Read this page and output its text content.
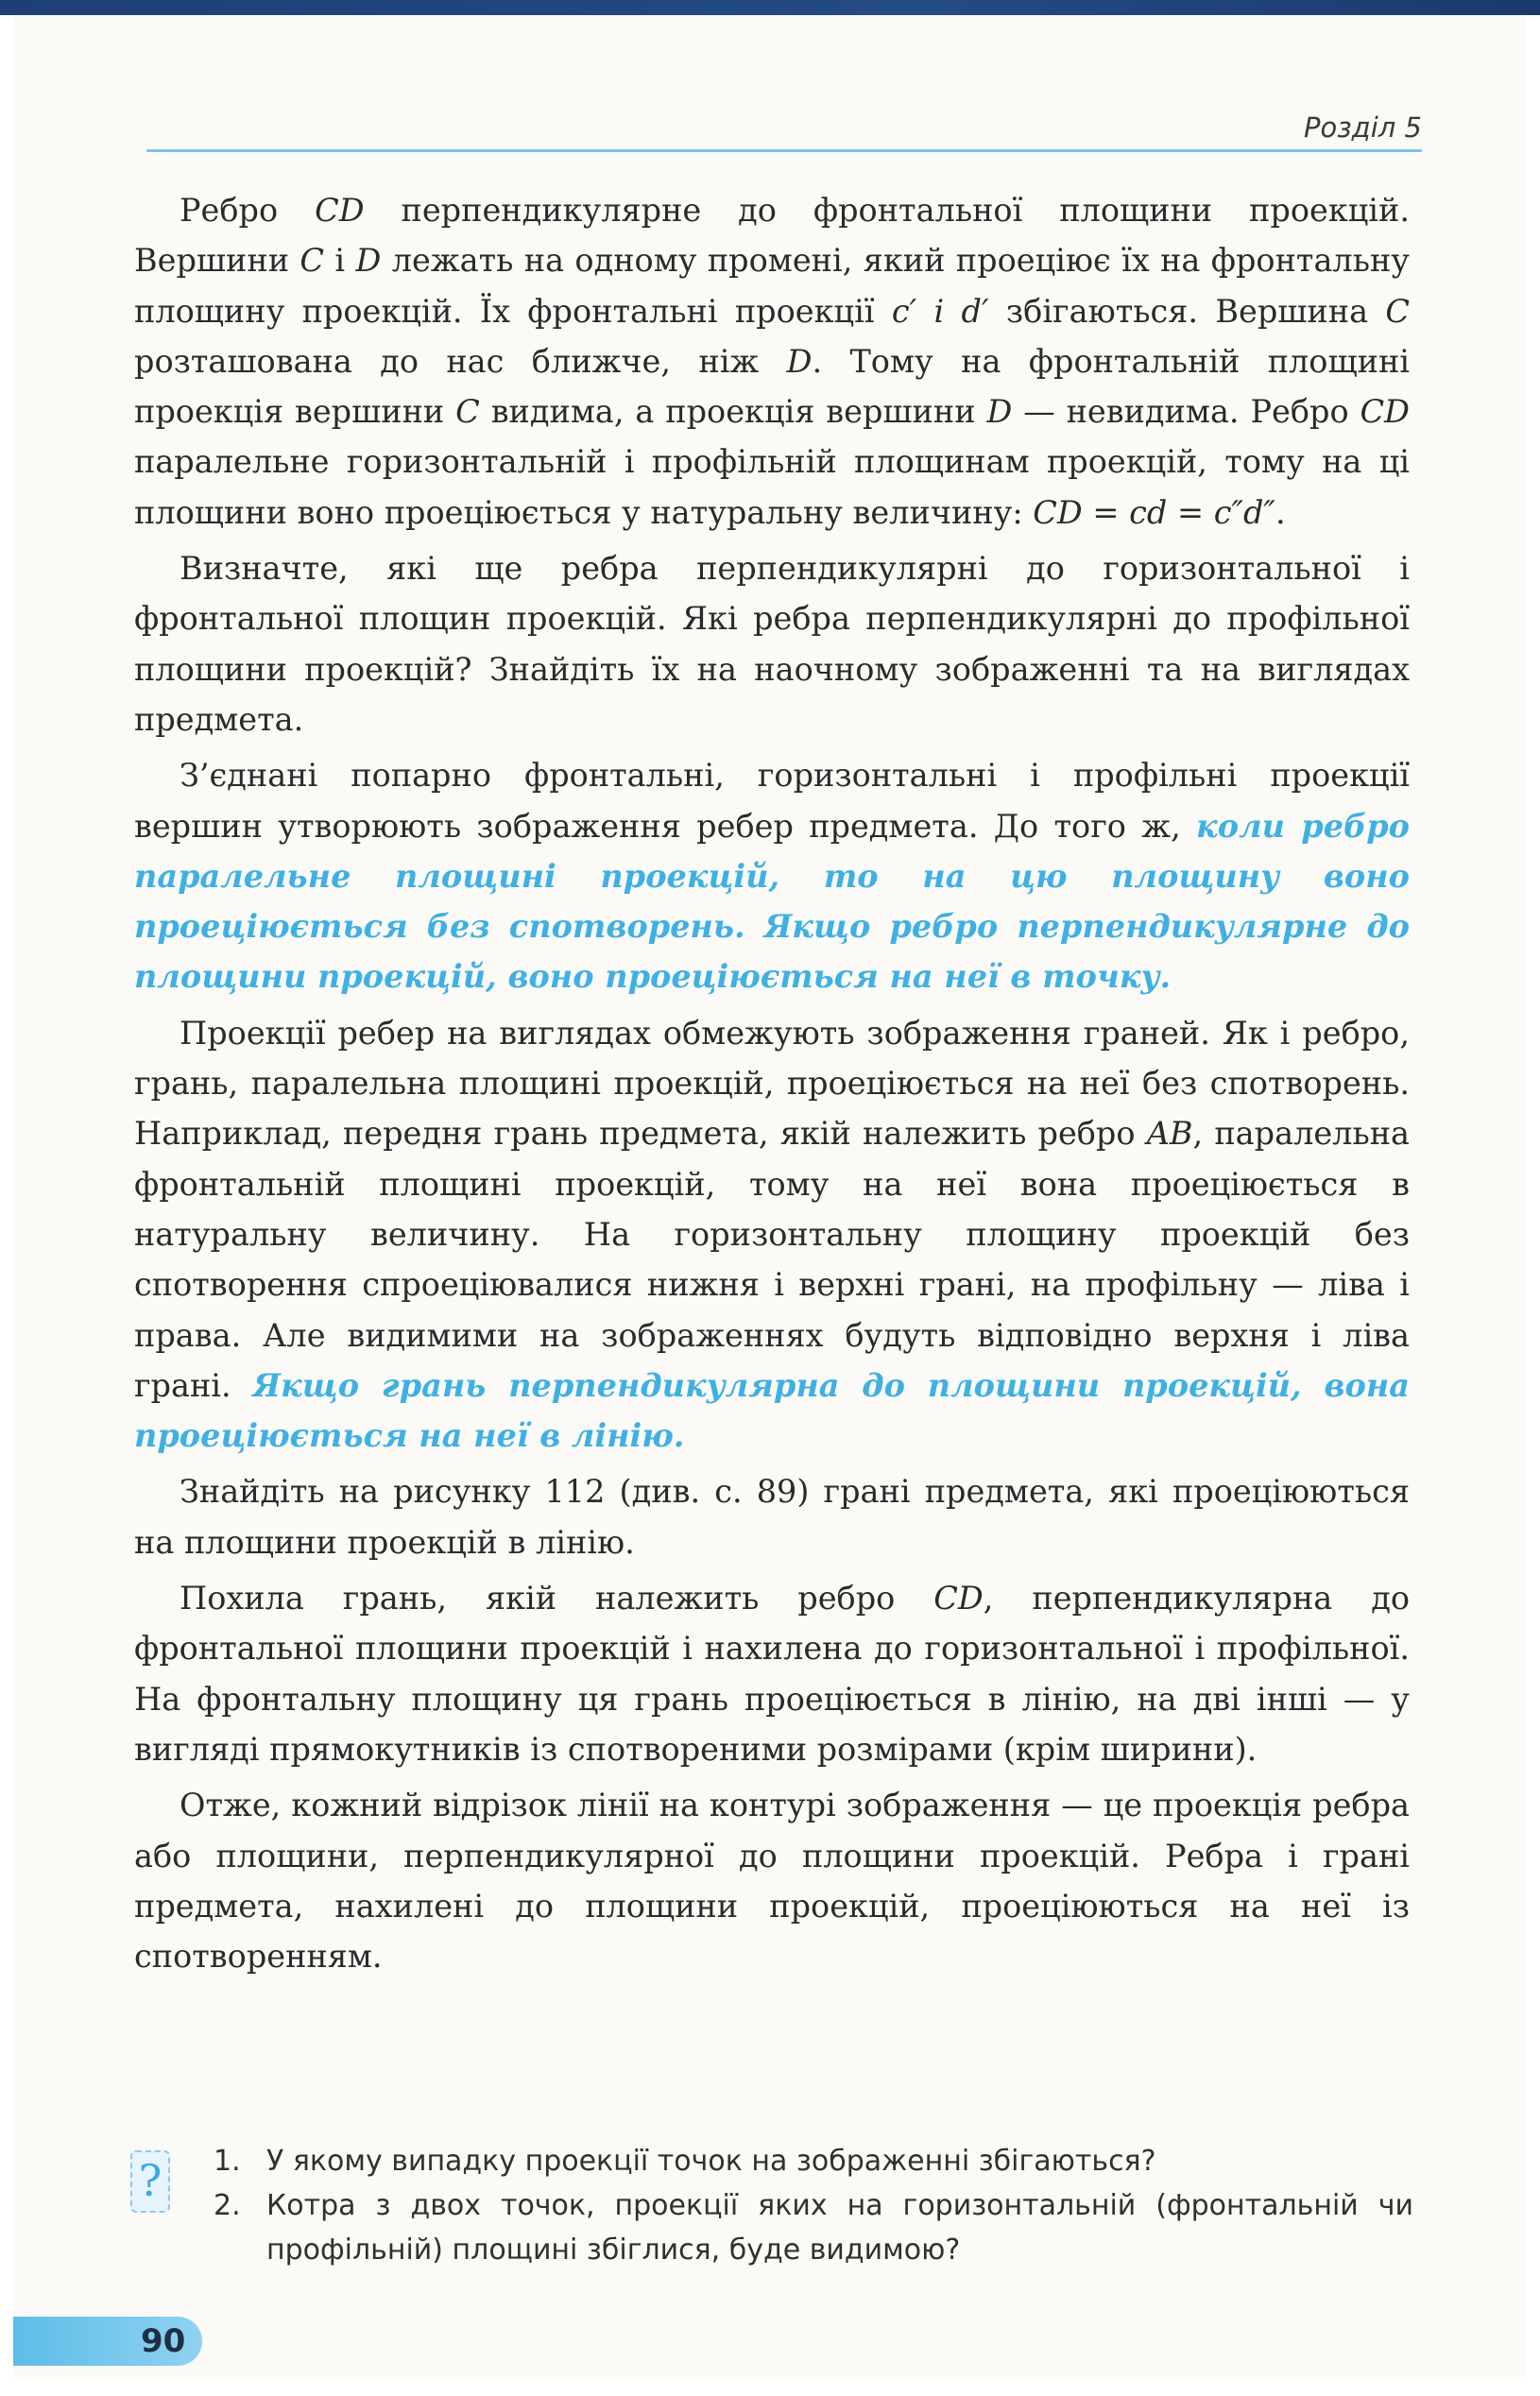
Розділ 5

Ребро CD перпендикулярне до фронтальної площини проекцій. Вершини C і D лежать на одному промені, який проеціює їх на фронтальну площину проекцій. Їх фронтальні проекції c′ і d′ збігаються. Вершина C розташована до нас ближче, ніж D. Тому на фронтальній площині проекція вершини C видима, а проекція вершини D — невидима. Ребро CD паралельне горизонтальній і профільній площинам проекцій, тому на ці площини воно проеціюється у натуральну величину: CD = cd = c″d″.

Визначте, які ще ребра перпендикулярні до горизонтальної і фронтальної площин проекцій. Які ребра перпендикулярні до профільної площини проекцій? Знайдіть їх на наочному зображенні та на виглядах предмета.

З’єднані попарно фронтальні, горизонтальні і профільні проекції вершин утворюють зображення ребер предмета. До того ж, коли ребро паралельне площині проекцій, то на цю площину воно проеціюється без спотворень. Якщо ребро перпендикулярне до площини проекцій, воно проеціюється на неї в точку.

Проекції ребер на виглядах обмежують зображення граней. Як і ребро, грань, паралельна площині проекцій, проеціюється на неї без спотворень. Наприклад, передня грань предмета, якій належить ребро AB, паралельна фронтальній площині проекцій, тому на неї вона проеціюється в натуральну величину. На горизонтальну площину проекцій без спотворення спроеціювалися нижня і верхні грані, на профільну — ліва і права. Але видимими на зображеннях будуть відповідно верхня і ліва грані. Якщо грань перпендикулярна до площини проекцій, вона проеціюється на неї в лінію.

Знайдіть на рисунку 112 (див. с. 89) грані предмета, які проеціюються на площини проекцій в лінію.

Похила грань, якій належить ребро CD, перпендикулярна до фронтальної площини проекцій і нахилена до горизонтальної і профільної. На фронтальну площину ця грань проеціюється в лінію, на дві інші — у вигляді прямокутників із спотвореними розмірами (крім ширини).

Отже, кожний відрізок лінії на контурі зображення — це проекція ребра або площини, перпендикулярної до площини проекцій. Ребра і грані предмета, нахилені до площини проекцій, проеціюються на неї із спотворенням.

? 1. У якому випадку проекції точок на зображенні збігаються?
2. Котра з двох точок, проекції яких на горизонтальній (фронтальній чи профільній) площині збіглися, буде видимою?
90
